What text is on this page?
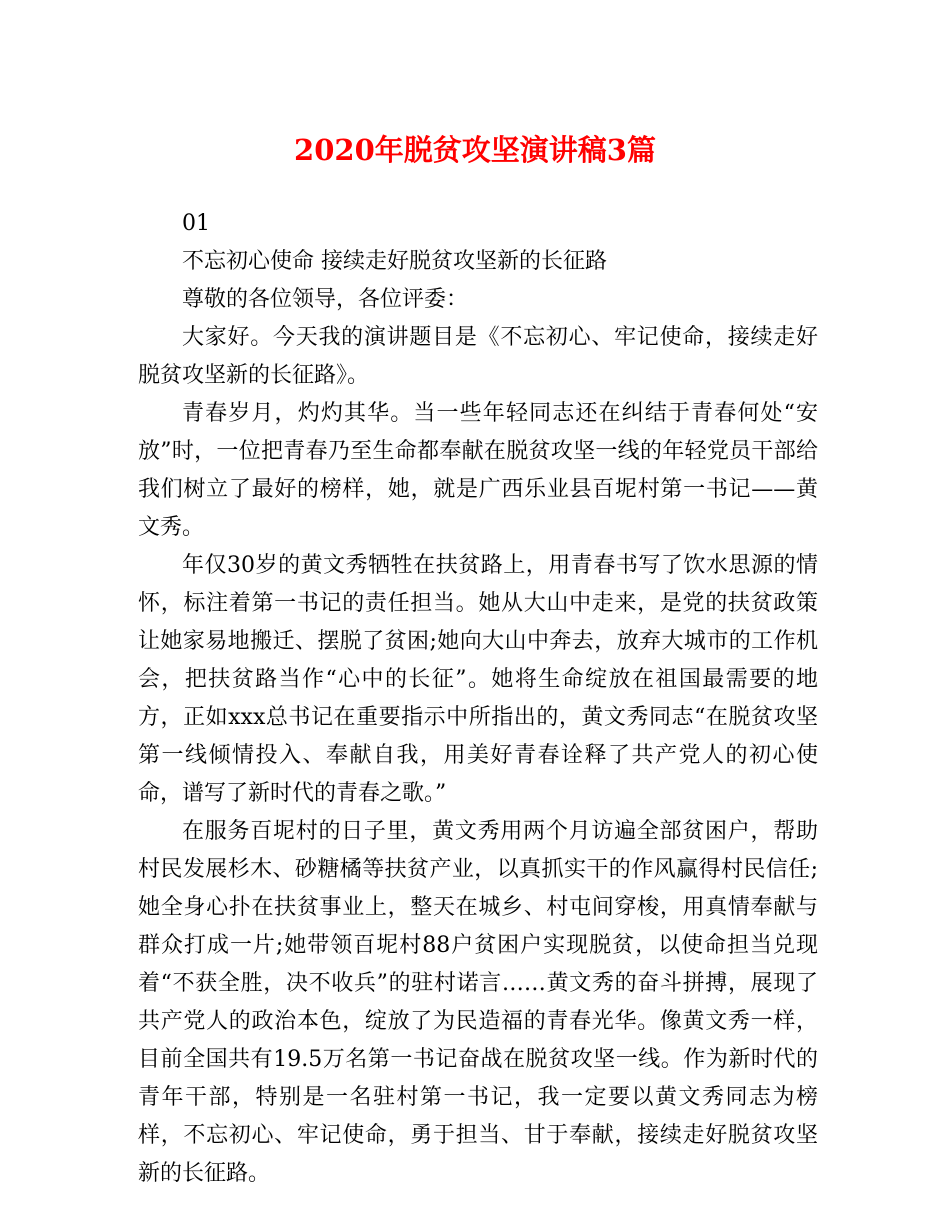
2020年脱贫攻坚演讲稿3篇

01

不忘初心使命 接续走好脱贫攻坚新的长征路

尊敬的各位领导，各位评委：

大家好。今天我的演讲题目是《不忘初心、牢记使命，接续走好脱贫攻坚新的长征路》。

青春岁月，灼灼其华。当一些年轻同志还在纠结于青春何处“安放”时，一位把青春乃至生命都奉献在脱贫攻坚一线的年轻党员干部给我们树立了最好的榜样，她，就是广西乐业县百坭村第一书记——黄文秀。

年仅30岁的黄文秀牺牲在扶贫路上，用青春书写了饮水思源的情怀，标注着第一书记的责任担当。她从大山中走来，是党的扶贫政策让她家易地搬迁、摆脱了贫困;她向大山中奔去，放弃大城市的工作机会，把扶贫路当作“心中的长征”。她将生命绽放在祖国最需要的地方，正如xxx总书记在重要指示中所指出的，黄文秀同志“在脱贫攻坚第一线倾情投入、奉献自我，用美好青春诠释了共产党人的初心使命，谱写了新时代的青春之歌。”

在服务百坭村的日子里，黄文秀用两个月访遍全部贫困户，帮助村民发展杉木、砂糖橘等扶贫产业，以真抓实干的作风赢得村民信任;她全身心扑在扶贫事业上，整天在城乡、村屯间穿梭，用真情奉献与群众打成一片;她带领百坭村88户贫困户实现脱贫，以使命担当兑现着“不获全胜，决不收兵”的驻村诺言……黄文秀的奋斗拼搏，展现了共产党人的政治本色，绽放了为民造福的青春光华。像黄文秀一样，目前全国共有19.5万名第一书记奋战在脱贫攻坚一线。作为新时代的青年干部，特别是一名驻村第一书记，我一定要以黄文秀同志为榜样，不忘初心、牢记使命，勇于担当、甘于奉献，接续走好脱贫攻坚新的长征路。
